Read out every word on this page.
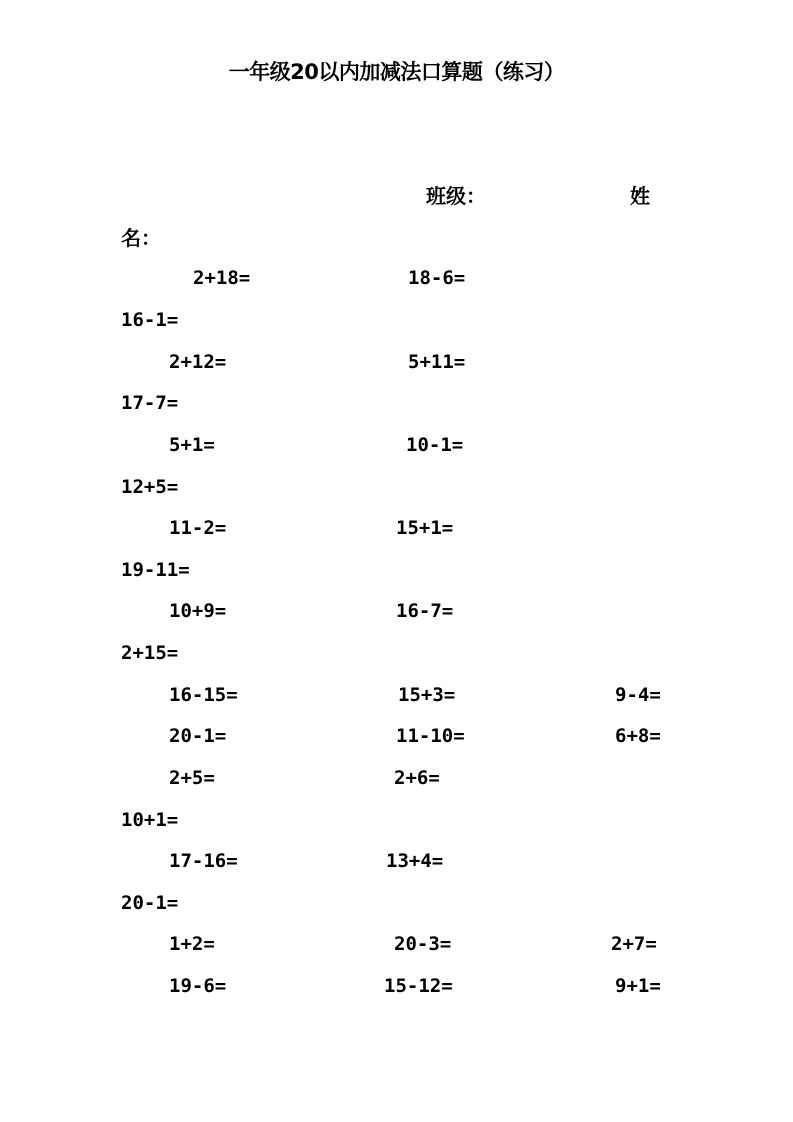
一年级20以内加减法口算题（练习）
班级：	姓
名：
2+18=	18-6=
16-1=
2+12=	5+11=
17-7=
5+1=	10-1=
12+5=
11-2=	15+1=
19-11=
10+9=	16-7=
2+15=
16-15=	15+3=	9-4=
20-1=	11-10=	6+8=
2+5=	2+6=
10+1=
17-16=	13+4=
20-1=
1+2=	20-3=	2+7=
19-6=	15-12=	9+1=
